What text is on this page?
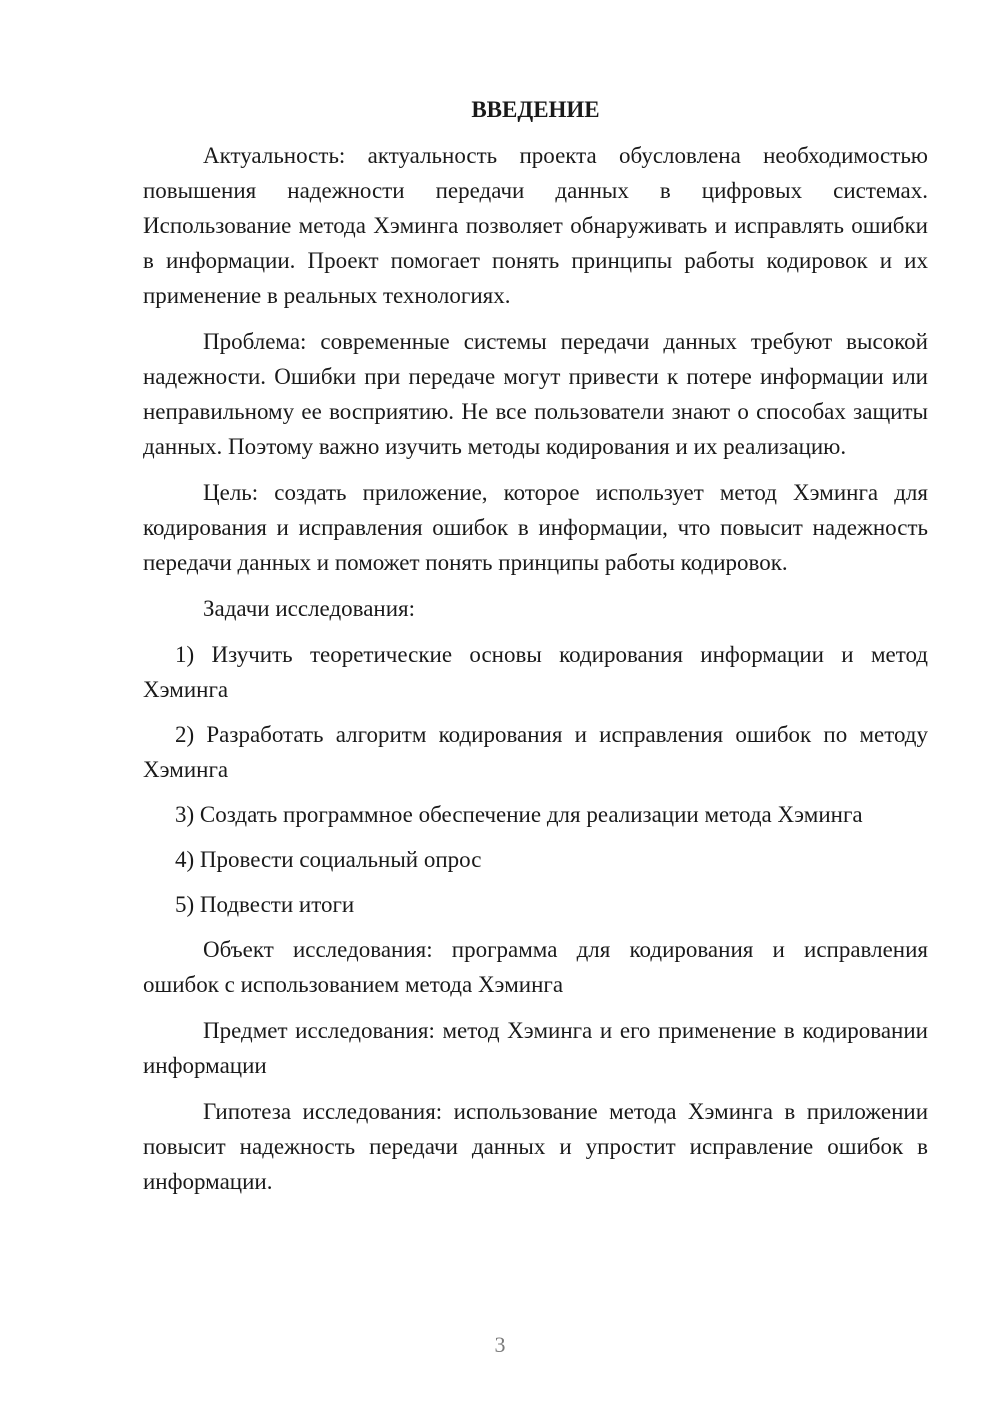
ВВЕДЕНИЕ

Актуальность: актуальность проекта обусловлена необходимостью повышения надежности передачи данных в цифровых системах. Использование метода Хэминга позволяет обнаруживать и исправлять ошибки в информации. Проект помогает понять принципы работы кодировок и их применение в реальных технологиях.

Проблема: современные системы передачи данных требуют высокой надежности. Ошибки при передаче могут привести к потере информации или неправильному ее восприятию. Не все пользователи знают о способах защиты данных. Поэтому важно изучить методы кодирования и их реализацию.

Цель: создать приложение, которое использует метод Хэминга для кодирования и исправления ошибок в информации, что повысит надежность передачи данных и поможет понять принципы работы кодировок.

Задачи исследования:

1) Изучить теоретические основы кодирования информации и метод Хэминга

2) Разработать алгоритм кодирования и исправления ошибок по методу Хэминга

3) Создать программное обеспечение для реализации метода Хэминга

4) Провести социальный опрос

5) Подвести итоги

Объект исследования: программа для кодирования и исправления ошибок с использованием метода Хэминга

Предмет исследования: метод Хэминга и его применение в кодировании информации

Гипотеза исследования: использование метода Хэминга в приложении повысит надежность передачи данных и упростит исправление ошибок в информации.

3
